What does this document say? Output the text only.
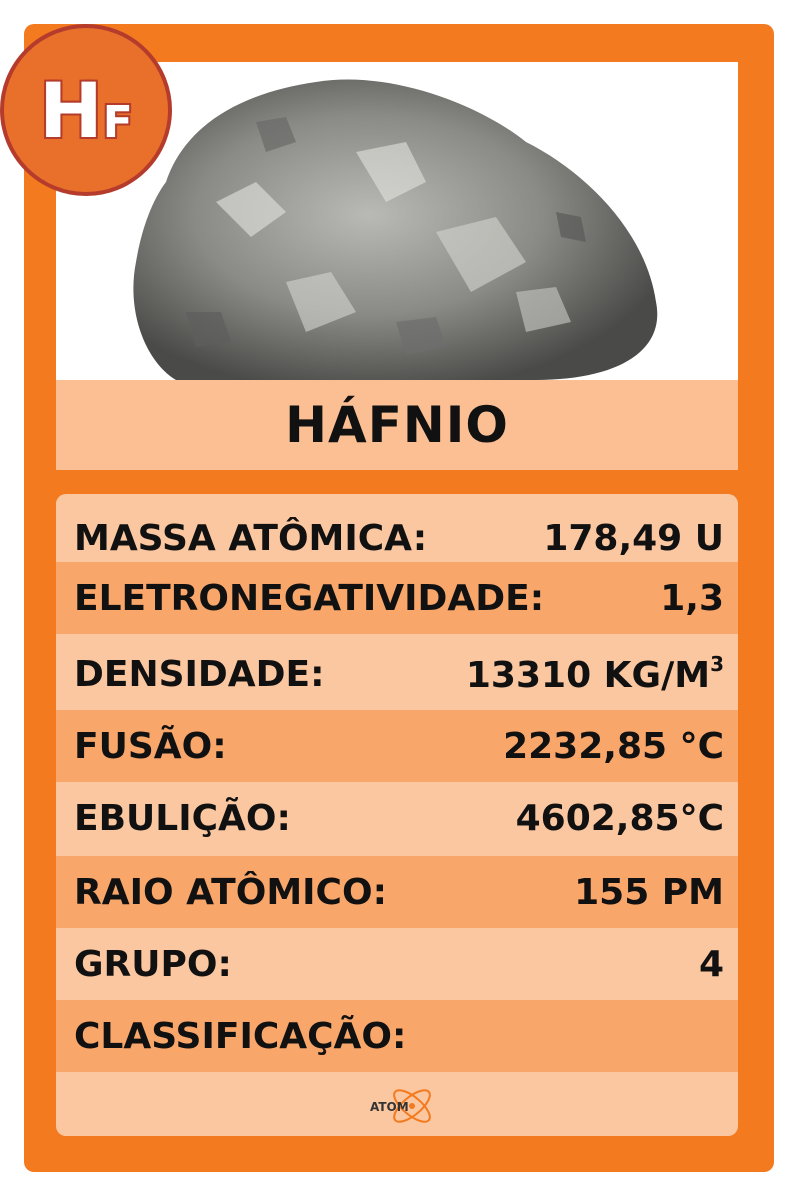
HÁFNIO
MASSA ATÔMICA:	178,49 U
ELETRONEGATIVIDADE:	1,3
DENSIDADE:	13310 $KG/M^3$
FUSÃO:	2232,85 °C
EBULIÇÃO:	4602,85°C
RAIO ATÔMICO:	155 PM
GRUPO:	4
CLASSIFICAÇÃO:
ATOM
H F
